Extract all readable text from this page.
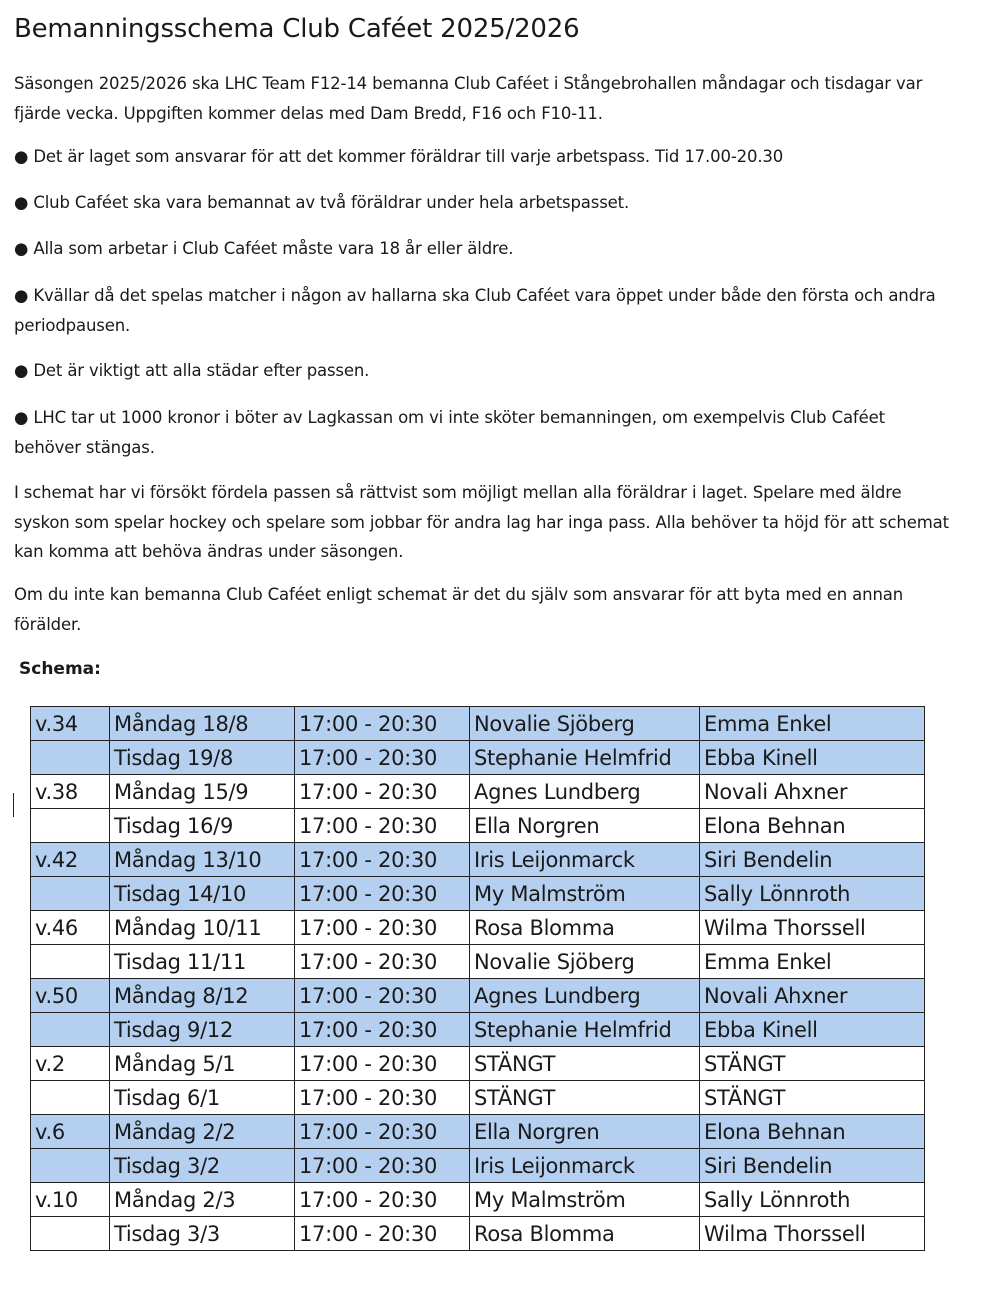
Bemanningsschema Club Caféet 2025/2026

Säsongen 2025/2026 ska LHC Team F12-14 bemanna Club Caféet i Stångebrohallen måndagar och tisdagar var fjärde vecka. Uppgiften kommer delas med Dam Bredd, F16 och F10-11.

● Det är laget som ansvarar för att det kommer föräldrar till varje arbetspass. Tid 17.00-20.30

● Club Caféet ska vara bemannat av två föräldrar under hela arbetspasset.

● Alla som arbetar i Club Caféet måste vara 18 år eller äldre.

● Kvällar då det spelas matcher i någon av hallarna ska Club Caféet vara öppet under både den första och andra periodpausen.

● Det är viktigt att alla städar efter passen.

● LHC tar ut 1000 kronor i böter av Lagkassan om vi inte sköter bemanningen, om exempelvis Club Caféet behöver stängas.

I schemat har vi försökt fördela passen så rättvist som möjligt mellan alla föräldrar i laget. Spelare med äldre syskon som spelar hockey och spelare som jobbar för andra lag har inga pass. Alla behöver ta höjd för att schemat kan komma att behöva ändras under säsongen.

Om du inte kan bemanna Club Caféet enligt schemat är det du själv som ansvarar för att byta med en annan förälder.

Schema:

v.34	Måndag 18/8	17:00 - 20:30	Novalie Sjöberg	Emma Enkel
	Tisdag 19/8	17:00 - 20:30	Stephanie Helmfrid	Ebba Kinell
v.38	Måndag 15/9	17:00 - 20:30	Agnes Lundberg	Novali Ahxner
	Tisdag 16/9	17:00 - 20:30	Ella Norgren	Elona Behnan
v.42	Måndag 13/10	17:00 - 20:30	Iris Leijonmarck	Siri Bendelin
	Tisdag 14/10	17:00 - 20:30	My Malmström	Sally Lönnroth
v.46	Måndag 10/11	17:00 - 20:30	Rosa Blomma	Wilma Thorssell
	Tisdag 11/11	17:00 - 20:30	Novalie Sjöberg	Emma Enkel
v.50	Måndag 8/12	17:00 - 20:30	Agnes Lundberg	Novali Ahxner
	Tisdag 9/12	17:00 - 20:30	Stephanie Helmfrid	Ebba Kinell
v.2	Måndag 5/1	17:00 - 20:30	STÄNGT	STÄNGT
	Tisdag 6/1	17:00 - 20:30	STÄNGT	STÄNGT
v.6	Måndag 2/2	17:00 - 20:30	Ella Norgren	Elona Behnan
	Tisdag 3/2	17:00 - 20:30	Iris Leijonmarck	Siri Bendelin
v.10	Måndag 2/3	17:00 - 20:30	My Malmström	Sally Lönnroth
	Tisdag 3/3	17:00 - 20:30	Rosa Blomma	Wilma Thorssell
